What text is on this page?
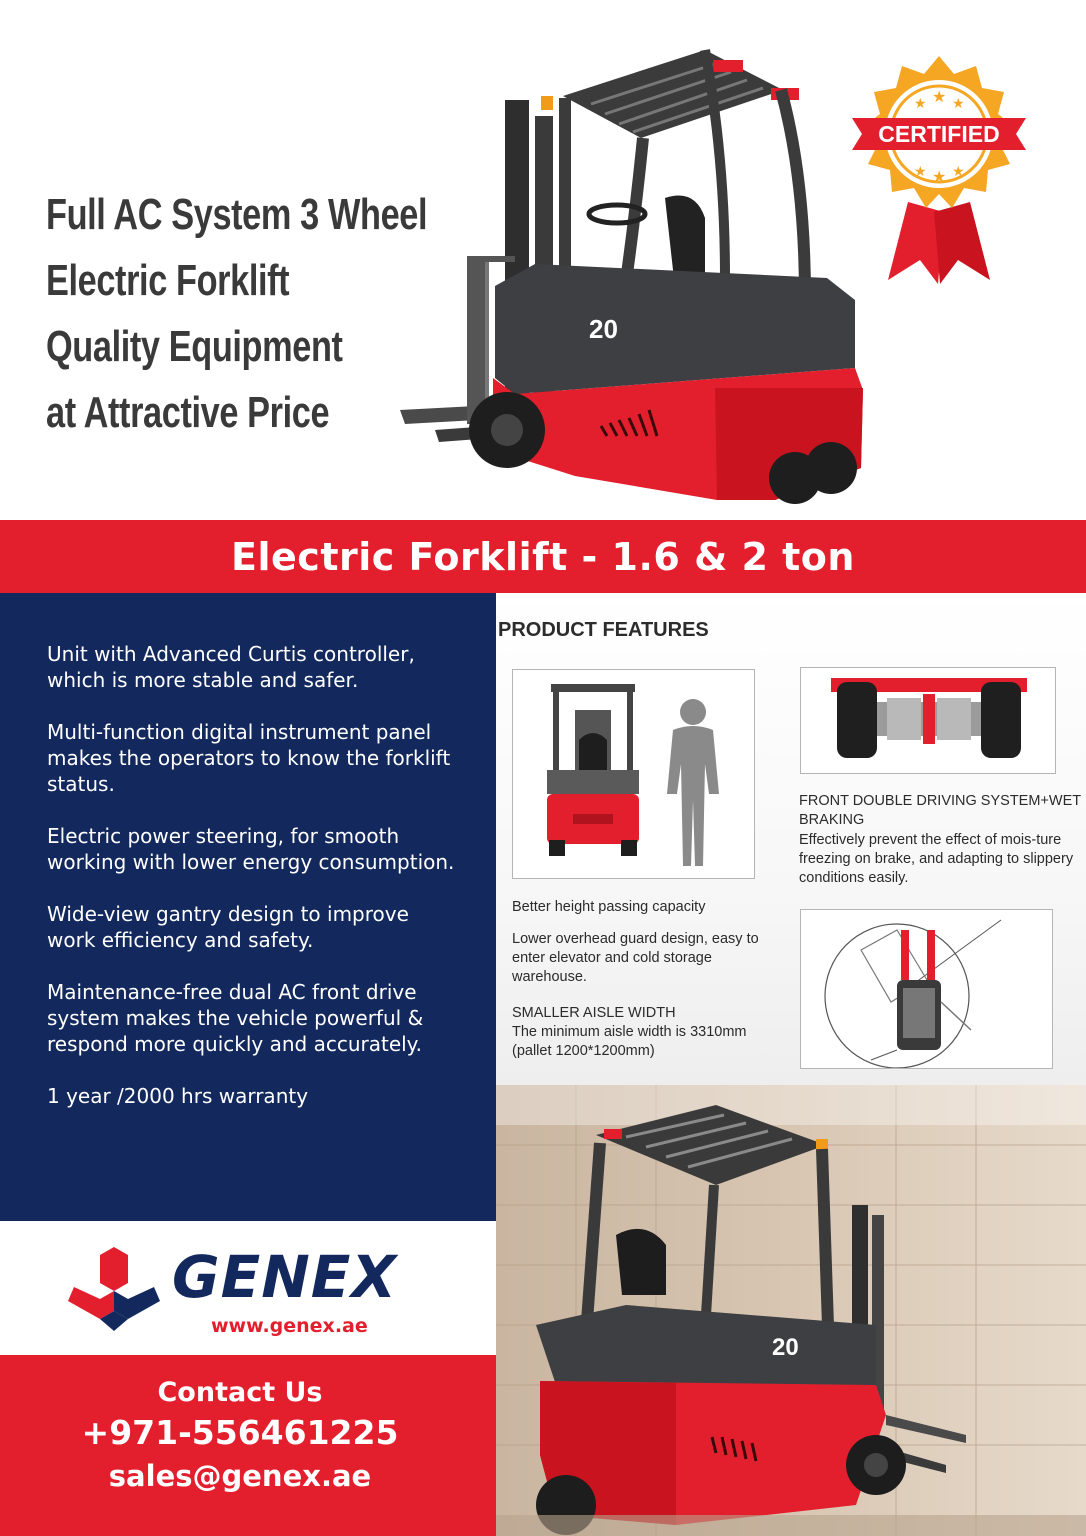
Full AC System 3 Wheel
Electric Forklift
Quality Equipment
at Attractive Price
20
CERTIFIED
★ ★ ★
★ ★ ★
Electric Forklift - 1.6 & 2 ton

Unit with Advanced Curtis controller, which is more stable and safer.

Multi-function digital instrument panel makes the operators to know the forklift status.

Electric power steering, for smooth working with lower energy consumption.

Wide-view gantry design to improve work efficiency and safety.

Maintenance-free dual AC front drive system makes the vehicle powerful & respond more quickly and accurately.

1 year /2000 hrs warranty

GENEX
www.genex.ae
Contact Us
+971-556461225
sales@genex.ae
PRODUCT FEATURES
Better height passing capacity
Lower overhead guard design, easy to enter elevator and cold storage warehouse.
SMALLER AISLE WIDTH
The minimum aisle width is 3310mm (pallet 1200*1200mm)
FRONT DOUBLE DRIVING SYSTEM+WET BRAKING
Effectively prevent the effect of mois-ture freezing on brake, and adapting to slippery conditions easily.
20
